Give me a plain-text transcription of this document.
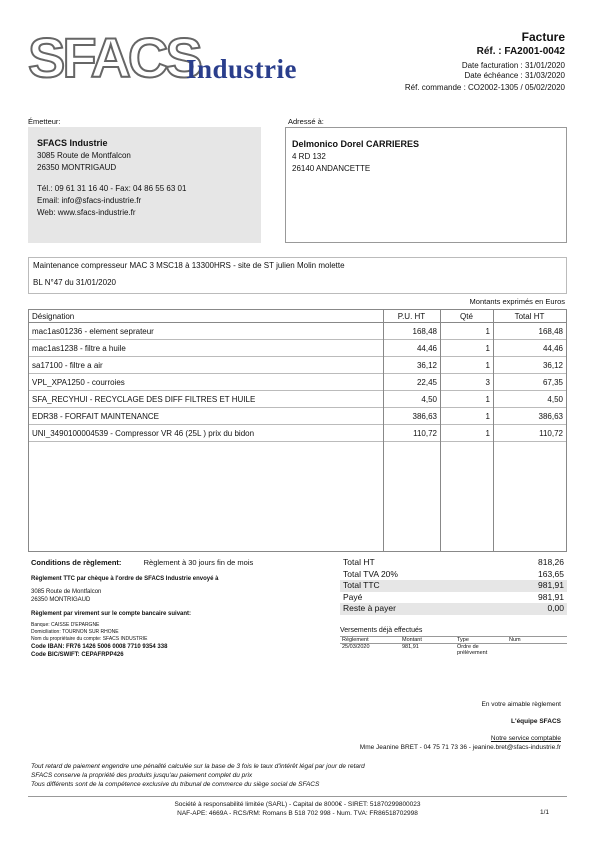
SFACS
Industrie
Facture
Réf. : FA2001-0042
Date facturation : 31/01/2020
Date échéance : 31/03/2020
Réf. commande : CO2002-1305 / 05/02/2020
Émetteur:	Adressé à:
SFACS Industrie
3085 Route de Montfalcon
26350 MONTRIGAUD
Tél.: 09 61 31 16 40 - Fax: 04 86 55 63 01
Email: info@sfacs-industrie.fr
Web: www.sfacs-industrie.fr
Delmonico Dorel CARRIERES
4 RD 132
26140 ANDANCETTE
Maintenance compresseur MAC 3 MSC18 à 13300HRS - site de ST julien Molin molette
BL N°47 du 31/01/2020
Montants exprimés en Euros
Désignation	P.U. HT	Qté	Total HT
mac1as01236 - element seprateur	168,48	1	168,48
mac1as1238 - filtre a huile	44,46	1	44,46
sa17100 - filtre a air	36,12	1	36,12
VPL_XPA1250 - courroies	22,45	3	67,35
SFA_RECYHUI - RECYCLAGE DES DIFF FILTRES ET HUILE	4,50	1	4,50
EDR38 - FORFAIT MAINTENANCE	386,63	1	386,63
UNI_3490100004539 - Compressor VR 46 (25L ) prix du bidon	110,72	1	110,72
Conditions de règlement:	Règlement à 30 jours fin de mois
Règlement TTC par chèque à l'ordre de SFACS Industrie envoyé à
3085 Route de Montfalcon
26350 MONTRIGAUD
Règlement par virement sur le compte bancaire suivant:
Banque: CAISSE D'EPARGNE
Domiciliation: TOURNON SUR RHONE
Nom du propriétaire du compte: SFACS INDUSTRIE
Code IBAN: FR76 1426 5006 0008 7710 9354 338
Code BIC/SWIFT: CEPAFRPP426
Total HT	818,26
Total TVA 20%	163,65
Total TTC	981,91
Payé	981,91
Reste à payer	0,00
Versements déjà effectués
Règlement	Montant	Type	Num
25/03/2020	981,91	Ordre de prélèvement	
En votre aimable règlement
L'équipe SFACS
Notre service comptable
Mme Jeanine BRET - 04 75 71 73 36 - jeanine.bret@sfacs-industrie.fr
Tout retard de paiement engendre une pénalité calculée sur la base de 3 fois le taux d'intérêt légal par jour de retard
SFACS conserve la propriété des produits jusqu'au paiement complet du prix
Tous différents sont de la compétence exclusive du tribunal de commerce du siège social de SFACS
Société à responsabilité limitée (SARL) - Capital de 8000€ - SIRET: 51870299800023
NAF-APE: 4669A - RCS/RM: Romans B 518 702 998 - Num. TVA: FR86518702998	1/1
